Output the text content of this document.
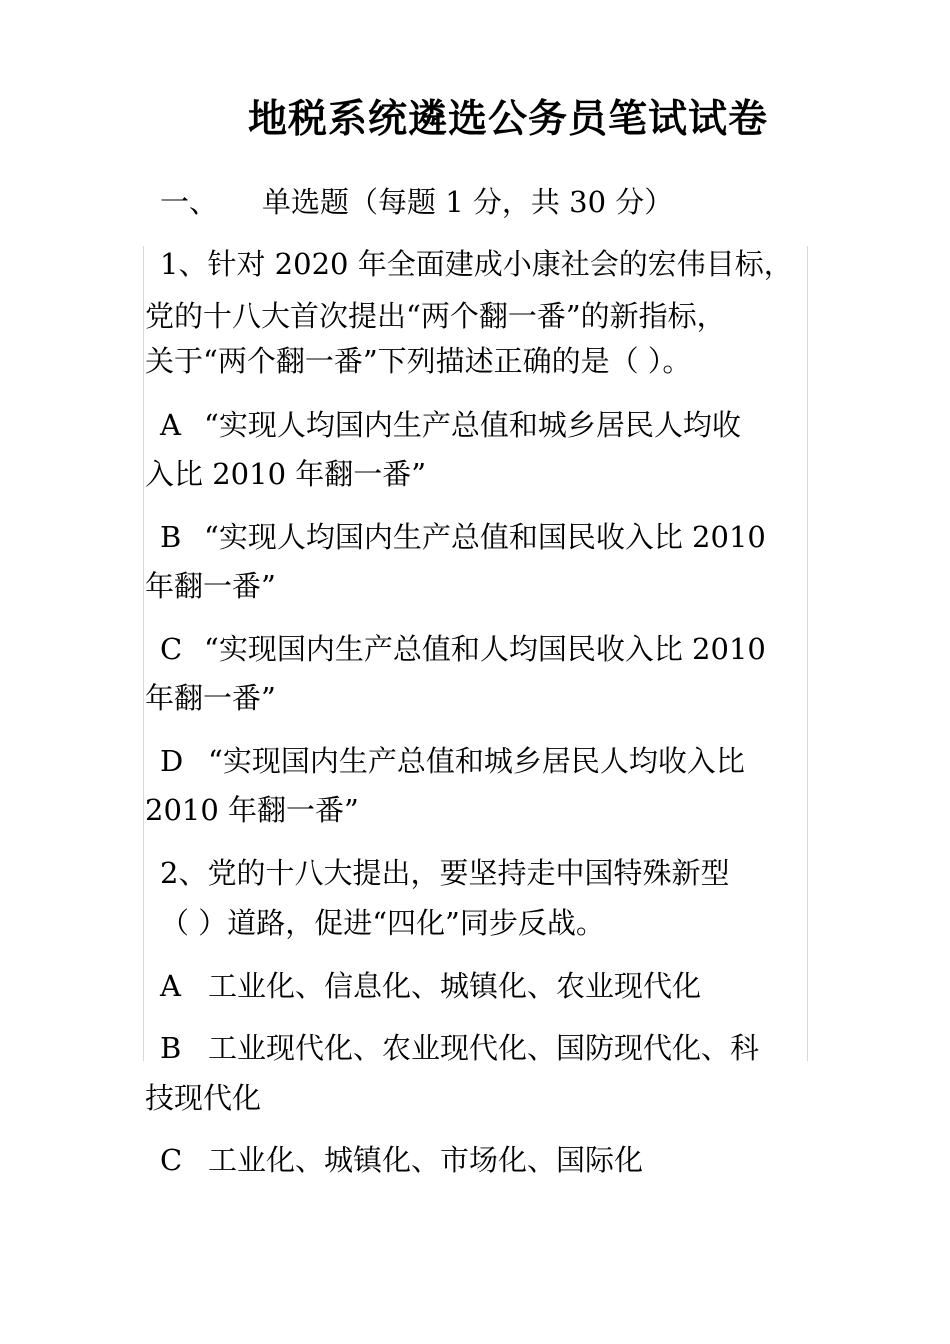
地税系统遴选公务员笔试试卷
一、 单选题（每题 1 分，共 30 分）
1、针对 2020 年全面建成小康社会的宏伟目标，
党的十八大首次提出“两个翻一番”的新指标，
关于“两个翻一番”下列描述正确的是（ ）。
A “实现人均国内生产总值和城乡居民人均收
入比 2010 年翻一番”
B “实现人均国内生产总值和国民收入比 2010
年翻一番”
C “实现国内生产总值和人均国民收入比 2010
年翻一番”
D “实现国内生产总值和城乡居民人均收入比
2010 年翻一番”
2、党的十八大提出，要坚持走中国特殊新型
（ ）道路，促进“四化”同步反战。
A 工业化、信息化、城镇化、农业现代化
B 工业现代化、农业现代化、国防现代化、科
技现代化
C 工业化、城镇化、市场化、国际化
